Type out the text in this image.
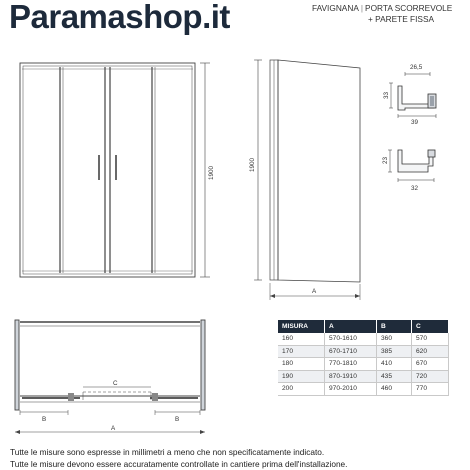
Paramashop.it	FAVIGNANA | PORTA SCORREVOLE
+ PARETE FISSA
1900
1900
A
26,5
33
39
23
32
C
B	B
A
MISURA	A	B	C
160	570-1610	360	570
170	670-1710	385	620
180	770-1810	410	670
190	870-1910	435	720
200	970-2010	460	770
Tutte le misure sono espresse in millimetri a meno che non specificatamente indicato.
Tutte le misure devono essere accuratamente controllate in cantiere prima dell'installazione.
